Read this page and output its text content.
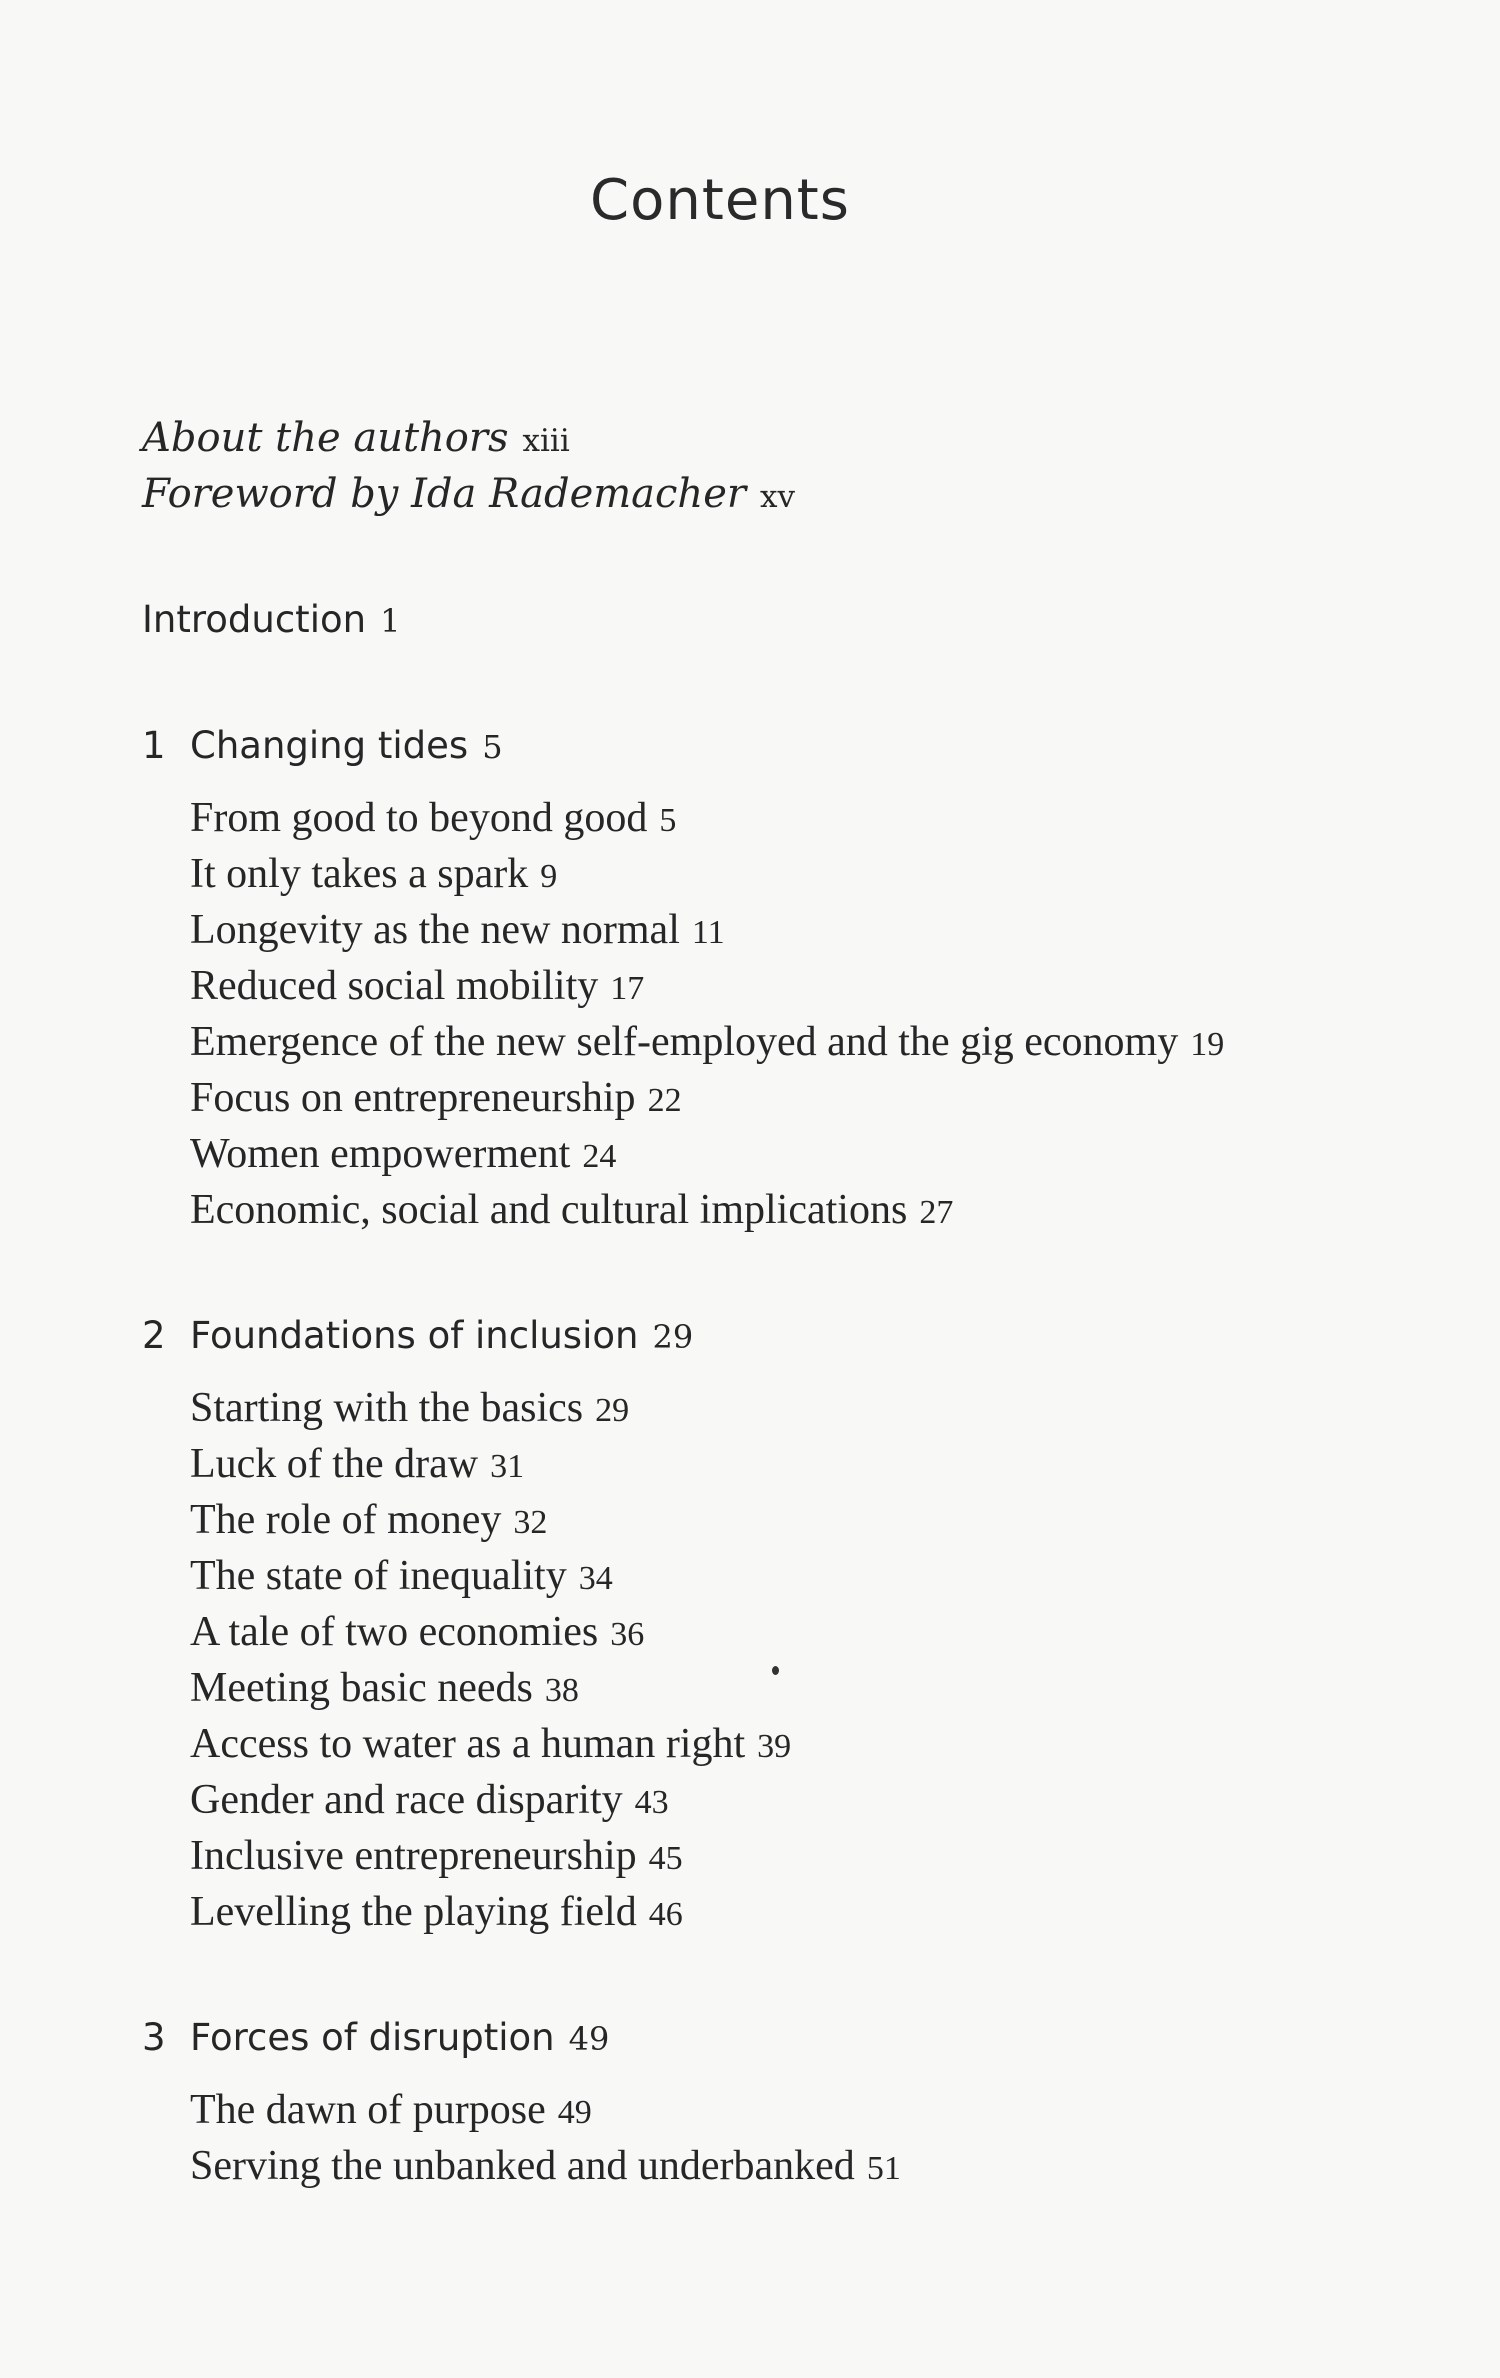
Contents
About the authors xiii
Foreword by Ida Rademacher xv
Introduction 1
1 Changing tides 5
From good to beyond good 5
It only takes a spark 9
Longevity as the new normal 11
Reduced social mobility 17
Emergence of the new self-employed and the gig economy 19
Focus on entrepreneurship 22
Women empowerment 24
Economic, social and cultural implications 27
2 Foundations of inclusion 29
Starting with the basics 29
Luck of the draw 31
The role of money 32
The state of inequality 34
A tale of two economies 36
Meeting basic needs 38
Access to water as a human right 39
Gender and race disparity 43
Inclusive entrepreneurship 45
Levelling the playing field 46
3 Forces of disruption 49
The dawn of purpose 49
Serving the unbanked and underbanked 51
